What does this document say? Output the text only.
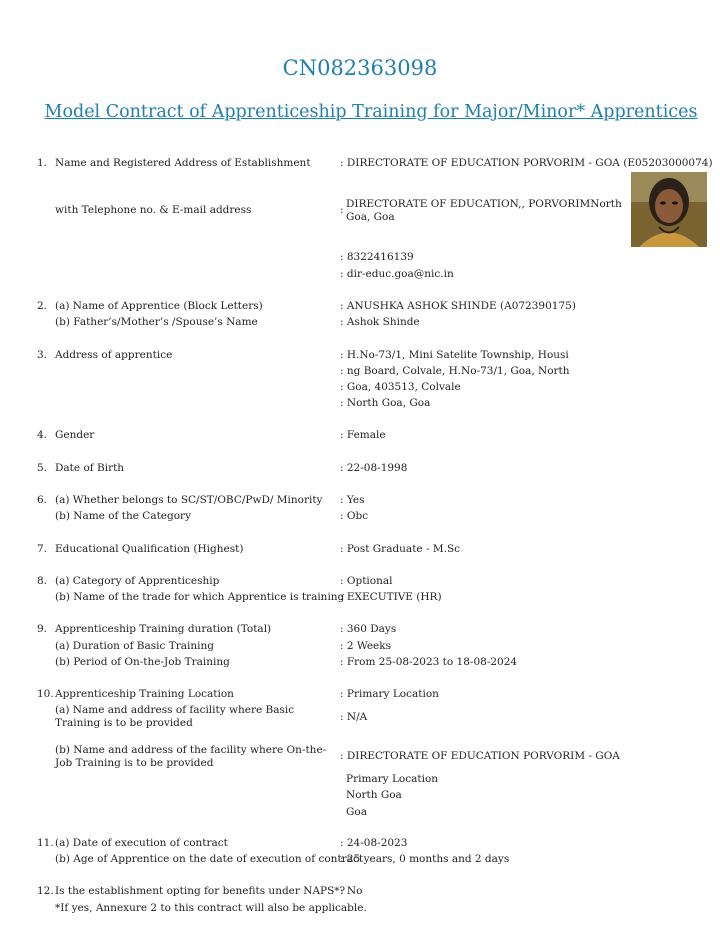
CN082363098
Model Contract of Apprenticeship Training for Major/Minor* Apprentices
1. Name and Registered Address of Establishment	: DIRECTORATE OF EDUCATION PORVORIM - GOA (E05203000074)
with Telephone no. & E-mail address	: DIRECTORATE OF EDUCATION,, PORVORIMNorth Goa, Goa
: 8322416139
: dir-educ.goa@nic.in
2. (a) Name of Apprentice (Block Letters)	: ANUSHKA ASHOK SHINDE (A072390175)
(b) Father’s/Mother’s /Spouse’s Name	: Ashok Shinde
3. Address of apprentice	: H.No-73/1, Mini Satelite Township, Housi
: ng Board, Colvale, H.No-73/1, Goa, North
: Goa, 403513, Colvale
: North Goa, Goa
4. Gender	: Female
5. Date of Birth	: 22-08-1998
6. (a) Whether belongs to SC/ST/OBC/PwD/ Minority : Yes
(b) Name of the Category	: Obc
7. Educational Qualification (Highest)	: Post Graduate - M.Sc
8. (a) Category of Apprenticeship	: Optional
(b) Name of the trade for which Apprentice is training
: EXECUTIVE (HR)
9. Apprenticeship Training duration (Total)	: 360 Days
(a) Duration of Basic Training	: 2 Weeks
(b) Period of On-the-Job Training	: From 25-08-2023 to 18-08-2024
10. Apprenticeship Training Location	: Primary Location
(a) Name and address of facility where Basic Training is to be provided	: N/A
(b) Name and address of the facility where On-the-Job Training is to be provided
: DIRECTORATE OF EDUCATION PORVORIM - GOA
Primary Location
North Goa
Goa
11. (a) Date of execution of contract	: 24-08-2023
(b) Age of Apprentice on the date of execution of contract
: 25 years, 0 months and 2 days
12. Is the establishment opting for benefits under NAPS*?
: No
*If yes, Annexure 2 to this contract will also be applicable.
